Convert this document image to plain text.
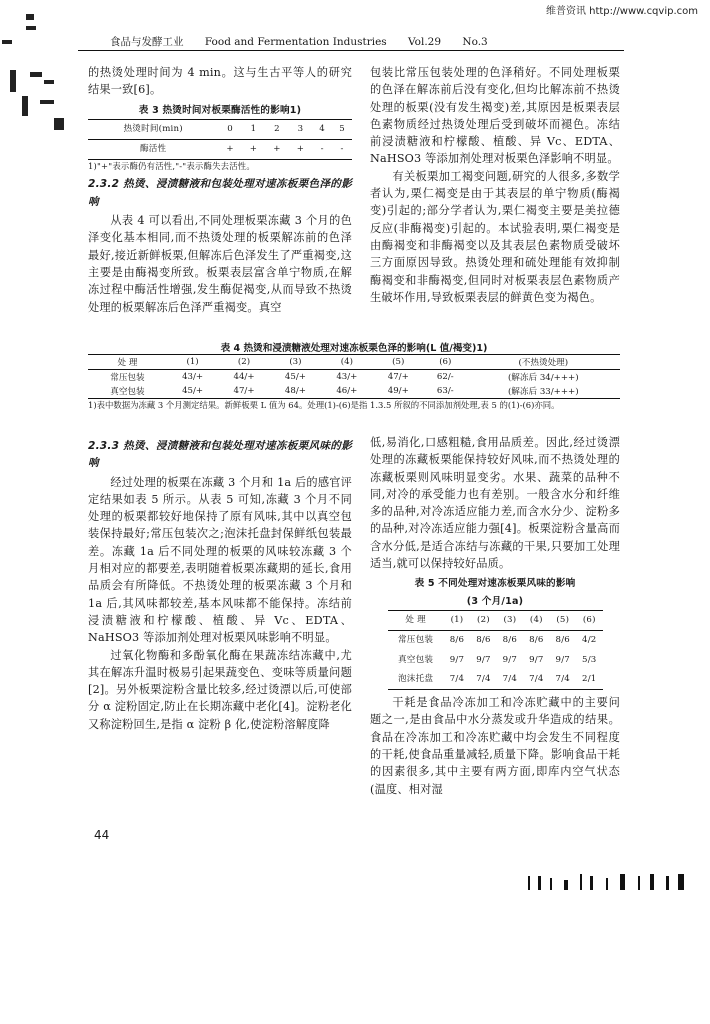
维普资讯 http://www.cqvip.com
食品与发酵工业 Food and Fermentation Industries Vol.29 No.3

的热烫处理时间为 4 min。这与生古平等人的研究结果一致[6]。

表 3 热烫时间对板栗酶活性的影响1)
热烫时间(min)	0	1	2	3	4	5
酶活性	+	+	+	+	-	-
1)"+"表示酶仍有活性,"-"表示酶失去活性。
2.3.2 热烫、浸渍糖液和包装处理对速冻板栗色泽的影响

从表 4 可以看出,不同处理板栗冻藏 3 个月的色泽变化基本相同,而不热烫处理的板栗解冻前的色泽最好,接近新鲜板栗,但解冻后色泽发生了严重褐变,这主要是由酶褐变所致。板栗表层富含单宁物质,在解冻过程中酶活性增强,发生酶促褐变,从而导致不热烫处理的板栗解冻后色泽严重褐变。真空

包装比常压包装处理的色泽稍好。不同处理板栗的色泽在解冻前后没有变化,但均比解冻前不热烫处理的板栗(没有发生褐变)差,其原因是板栗表层色素物质经过热烫处理后受到破坏而褪色。冻结前浸渍糖液和柠檬酸、植酸、异 Vc、EDTA、NaHSO3 等添加剂处理对板栗色泽影响不明显。

有关板栗加工褐变问题,研究的人很多,多数学者认为,栗仁褐变是由于其表层的单宁物质(酶褐变)引起的;部分学者认为,栗仁褐变主要是美拉德反应(非酶褐变)引起的。本试验表明,栗仁褐变是由酶褐变和非酶褐变以及其表层色素物质受破坏三方面原因导致。热烫处理和硫处理能有效抑制酶褐变和非酶褐变,但同时对板栗表层色素物质产生破坏作用,导致板栗表层的鲜黄色变为褐色。

表 4 热烫和浸渍糖液处理对速冻板栗色泽的影响(L 值/褐变)1)
处 理	(1)	(2)	(3)	(4)	(5)	(6)	(不热烫处理)
常压包装	43/+	44/+	45/+	43/+	47/+	62/-	(解冻后 34/+++)
真空包装	45/+	47/+	48/+	46/+	49/+	63/-	(解冻后 33/+++)
1)表中数据为冻藏 3 个月测定结果。新鲜板栗 L 值为 64。处理(1)-(6)是指 1.3.5 所叙的不同添加剂处理,表 5 的(1)-(6)亦同。
2.3.3 热烫、浸渍糖液和包装处理对速冻板栗风味的影响

经过处理的板栗在冻藏 3 个月和 1a 后的感官评定结果如表 5 所示。从表 5 可知,冻藏 3 个月不同处理的板栗都较好地保持了原有风味,其中以真空包装保持最好;常压包装次之;泡沫托盘封保鲜纸包装最差。冻藏 1a 后不同处理的板栗的风味较冻藏 3 个月相对应的都要差,表明随着板栗冻藏期的延长,食用品质会有所降低。不热烫处理的板栗冻藏 3 个月和 1a 后,其风味都较差,基本风味都不能保持。冻结前浸渍糖液和柠檬酸、植酸、异 Vc、EDTA、NaHSO3 等添加剂处理对板栗风味影响不明显。

过氧化物酶和多酚氧化酶在果蔬冻结冻藏中,尤其在解冻升温时极易引起果蔬变色、变味等质量问题[2]。另外板栗淀粉含量比较多,经过烫漂以后,可使部分 α 淀粉固定,防止在长期冻藏中老化[4]。淀粉老化又称淀粉回生,是指 α 淀粉 β 化,使淀粉溶解度降

低,易消化,口感粗糙,食用品质差。因此,经过烫漂处理的冻藏板栗能保持较好风味,而不热烫处理的冻藏板栗则风味明显变劣。水果、蔬菜的品种不同,对冷的承受能力也有差别。一般含水分和纤维多的品种,对冷冻适应能力差,而含水分少、淀粉多的品种,对冷冻适应能力强[4]。板栗淀粉含量高而含水分低,是适合冻结与冻藏的干果,只要加工处理适当,就可以保持较好品质。

表 5 不同处理对速冻板栗风味的影响
(3 个月/1a)
处 理	(1)	(2)	(3)	(4)	(5)	(6)
常压包装	8/6	8/6	8/6	8/6	8/6	4/2
真空包装	9/7	9/7	9/7	9/7	9/7	5/3
泡沫托盘	7/4	7/4	7/4	7/4	7/4	2/1

干耗是食品冷冻加工和冷冻贮藏中的主要问题之一,是由食品中水分蒸发或升华造成的结果。食品在冷冻加工和冷冻贮藏中均会发生不同程度的干耗,使食品重量减轻,质量下降。影响食品干耗的因素很多,其中主要有两方面,即库内空气状态(温度、相对湿

44
